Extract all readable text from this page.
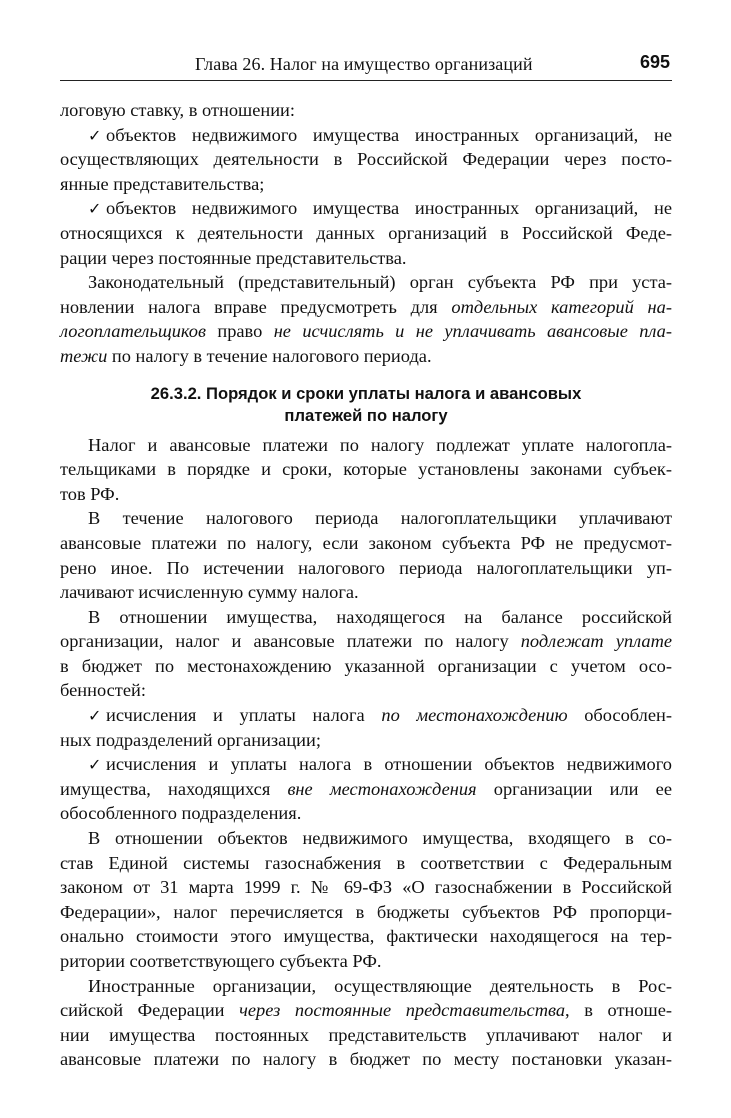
Глава 26. Налог на имущество организаций	695
логовую ставку, в отношении:
✓ объектов недвижимого имущества иностранных организаций, не
осуществляющих деятельности в Российской Федерации через посто-
янные представительства;
✓ объектов недвижимого имущества иностранных организаций, не
относящихся к деятельности данных организаций в Российской Феде-
рации через постоянные представительства.
Законодательный (представительный) орган субъекта РФ при уста-
новлении налога вправе предусмотреть для отдельных категорий на-
логоплательщиков право не исчислять и не уплачивать авансовые пла-
тежи по налогу в течение налогового периода.
26.3.2. Порядок и сроки уплаты налога и авансовых
платежей по налогу
Налог и авансовые платежи по налогу подлежат уплате налогопла-
тельщиками в порядке и сроки, которые установлены законами субъек-
тов РФ.
В течение налогового периода налогоплательщики уплачивают
авансовые платежи по налогу, если законом субъекта РФ не предусмот-
рено иное. По истечении налогового периода налогоплательщики уп-
лачивают исчисленную сумму налога.
В отношении имущества, находящегося на балансе российской
организации, налог и авансовые платежи по налогу подлежат уплате
в бюджет по местонахождению указанной организации с учетом осо-
бенностей:
✓ исчисления и уплаты налога по местонахождению обособлен-
ных подразделений организации;
✓ исчисления и уплаты налога в отношении объектов недвижимого
имущества, находящихся вне местонахождения организации или ее
обособленного подразделения.
В отношении объектов недвижимого имущества, входящего в со-
став Единой системы газоснабжения в соответствии с Федеральным
законом от 31 марта 1999 г. № 69-ФЗ «О газоснабжении в Российской
Федерации», налог перечисляется в бюджеты субъектов РФ пропорци-
онально стоимости этого имущества, фактически находящегося на тер-
ритории соответствующего субъекта РФ.
Иностранные организации, осуществляющие деятельность в Рос-
сийской Федерации через постоянные представительства, в отноше-
нии имущества постоянных представительств уплачивают налог и
авансовые платежи по налогу в бюджет по месту постановки указан-
